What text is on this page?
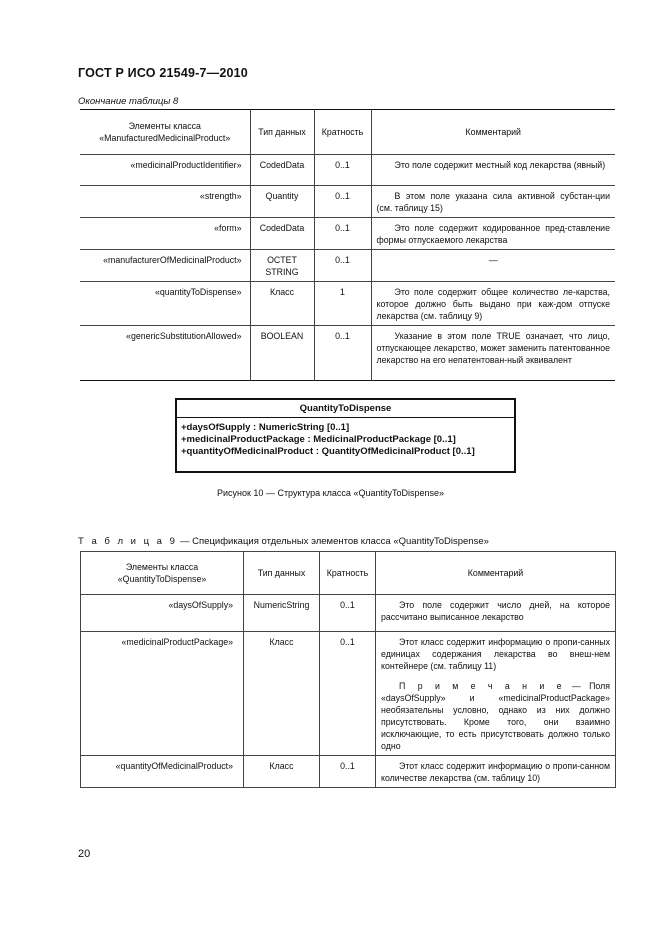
ГОСТ Р ИСО 21549-7—2010
Окончание таблицы 8
Элементы класса «ManufacturedMedicinalProduct»	Тип данных	Кратность	Комментарий
«medicinalProductIdentifier»	CodedData	0..1	Это поле содержит местный код лекарства (явный)
«strength»	Quantity	0..1	В этом поле указана сила активной субстан-ции (см. таблицу 15)
«form»	CodedData	0..1	Это поле содержит кодированное пред-ставление формы отпускаемого лекарства
«manufacturerOfMedicinalProduct»	OCTET STRING	0..1	—
«quantityToDispense»	Класс	1	Это поле содержит общее количество ле-карства, которое должно быть выдано при каж-дом отпуске лекарства (см. таблицу 9)
«genericSubstitutionAllowed»	BOOLEAN	0..1	Указание в этом поле TRUE означает, что лицо, отпускающее лекарство, может заменить патентованное лекарство на его непатентован-ный эквивалент
QuantityToDispense
+daysOfSupply : NumericString [0..1]
+medicinalProductPackage : MedicinalProductPackage [0..1]
+quantityOfMedicinalProduct : QuantityOfMedicinalProduct [0..1]
Рисунок 10 — Структура класса «QuantityToDispense»
Т а б л и ц а 9 — Спецификация отдельных элементов класса «QuantityToDispense»
Элементы класса «QuantityToDispense»	Тип данных	Кратность	Комментарий
«daysOfSupply»	NumericString	0..1	Это поле содержит число дней, на которое рассчитано выписанное лекарство
«medicinalProductPackage»	Класс	0..1	Этот класс содержит информацию о пропи-санных единицах содержания лекарства во внеш-нем контейнере (см. таблицу 11)
П р и м е ч а н и е — Поля «daysOfSupply» и «medicinalProductPackage» необязательны условно, однако из них должно присутствовать. Кроме того, они взаимно исключающие, то есть присутствовать должно только одно

«quantityOfMedicinalProduct»	Класс	0..1	Этот класс содержит информацию о пропи-санном количестве лекарства (см. таблицу 10)
20
